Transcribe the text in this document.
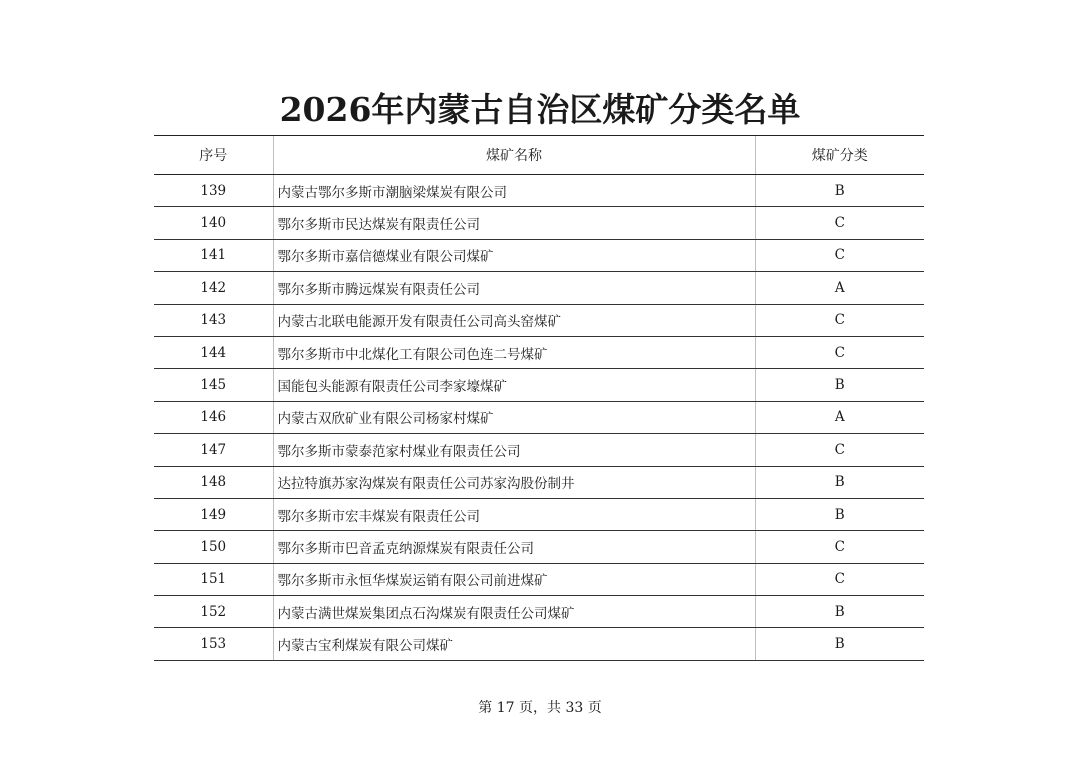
2026年内蒙古自治区煤矿分类名单
序号	煤矿名称	煤矿分类
139	内蒙古鄂尔多斯市潮脑梁煤炭有限公司	B
140	鄂尔多斯市民达煤炭有限责任公司	C
141	鄂尔多斯市嘉信德煤业有限公司煤矿	C
142	鄂尔多斯市腾远煤炭有限责任公司	A
143	内蒙古北联电能源开发有限责任公司高头窑煤矿	C
144	鄂尔多斯市中北煤化工有限公司色连二号煤矿	C
145	国能包头能源有限责任公司李家壕煤矿	B
146	内蒙古双欣矿业有限公司杨家村煤矿	A
147	鄂尔多斯市蒙泰范家村煤业有限责任公司	C
148	达拉特旗苏家沟煤炭有限责任公司苏家沟股份制井	B
149	鄂尔多斯市宏丰煤炭有限责任公司	B
150	鄂尔多斯市巴音孟克纳源煤炭有限责任公司	C
151	鄂尔多斯市永恒华煤炭运销有限公司前进煤矿	C
152	内蒙古满世煤炭集团点石沟煤炭有限责任公司煤矿	B
153	内蒙古宝利煤炭有限公司煤矿	B
第 17 页，共 33 页
